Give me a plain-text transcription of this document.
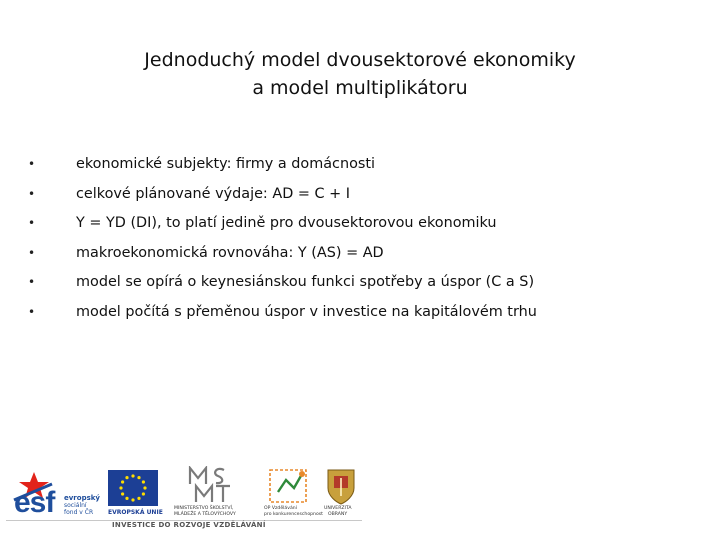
Jednoduchý model dvousektorové ekonomiky
a model multiplikátoru
•	ekonomické subjekty: firmy a domácnosti
•	celkové plánované výdaje: AD = C + I
•	Y = YD (DI), to platí jedině pro dvousektorovou ekonomiku
•	makroekonomická rovnováha: Y (AS) = AD
•	model se opírá o keynesiánskou funkci spotřeby a úspor (C a S)
•	model počítá s přeměnou úspor v investice na kapitálovém trhu
esf evropský
sociální
fond v ČR EVROPSKÁ UNIE
MINISTERSTVO ŠKOLSTVÍ,
MLÁDEŽE A TĚLOVÝCHOVY
OP Vzdělávání
pro konkurenceschopnost
UNIVERZITA
OBRANY
INVESTICE DO ROZVOJE VZDĚLÁVÁNÍ
